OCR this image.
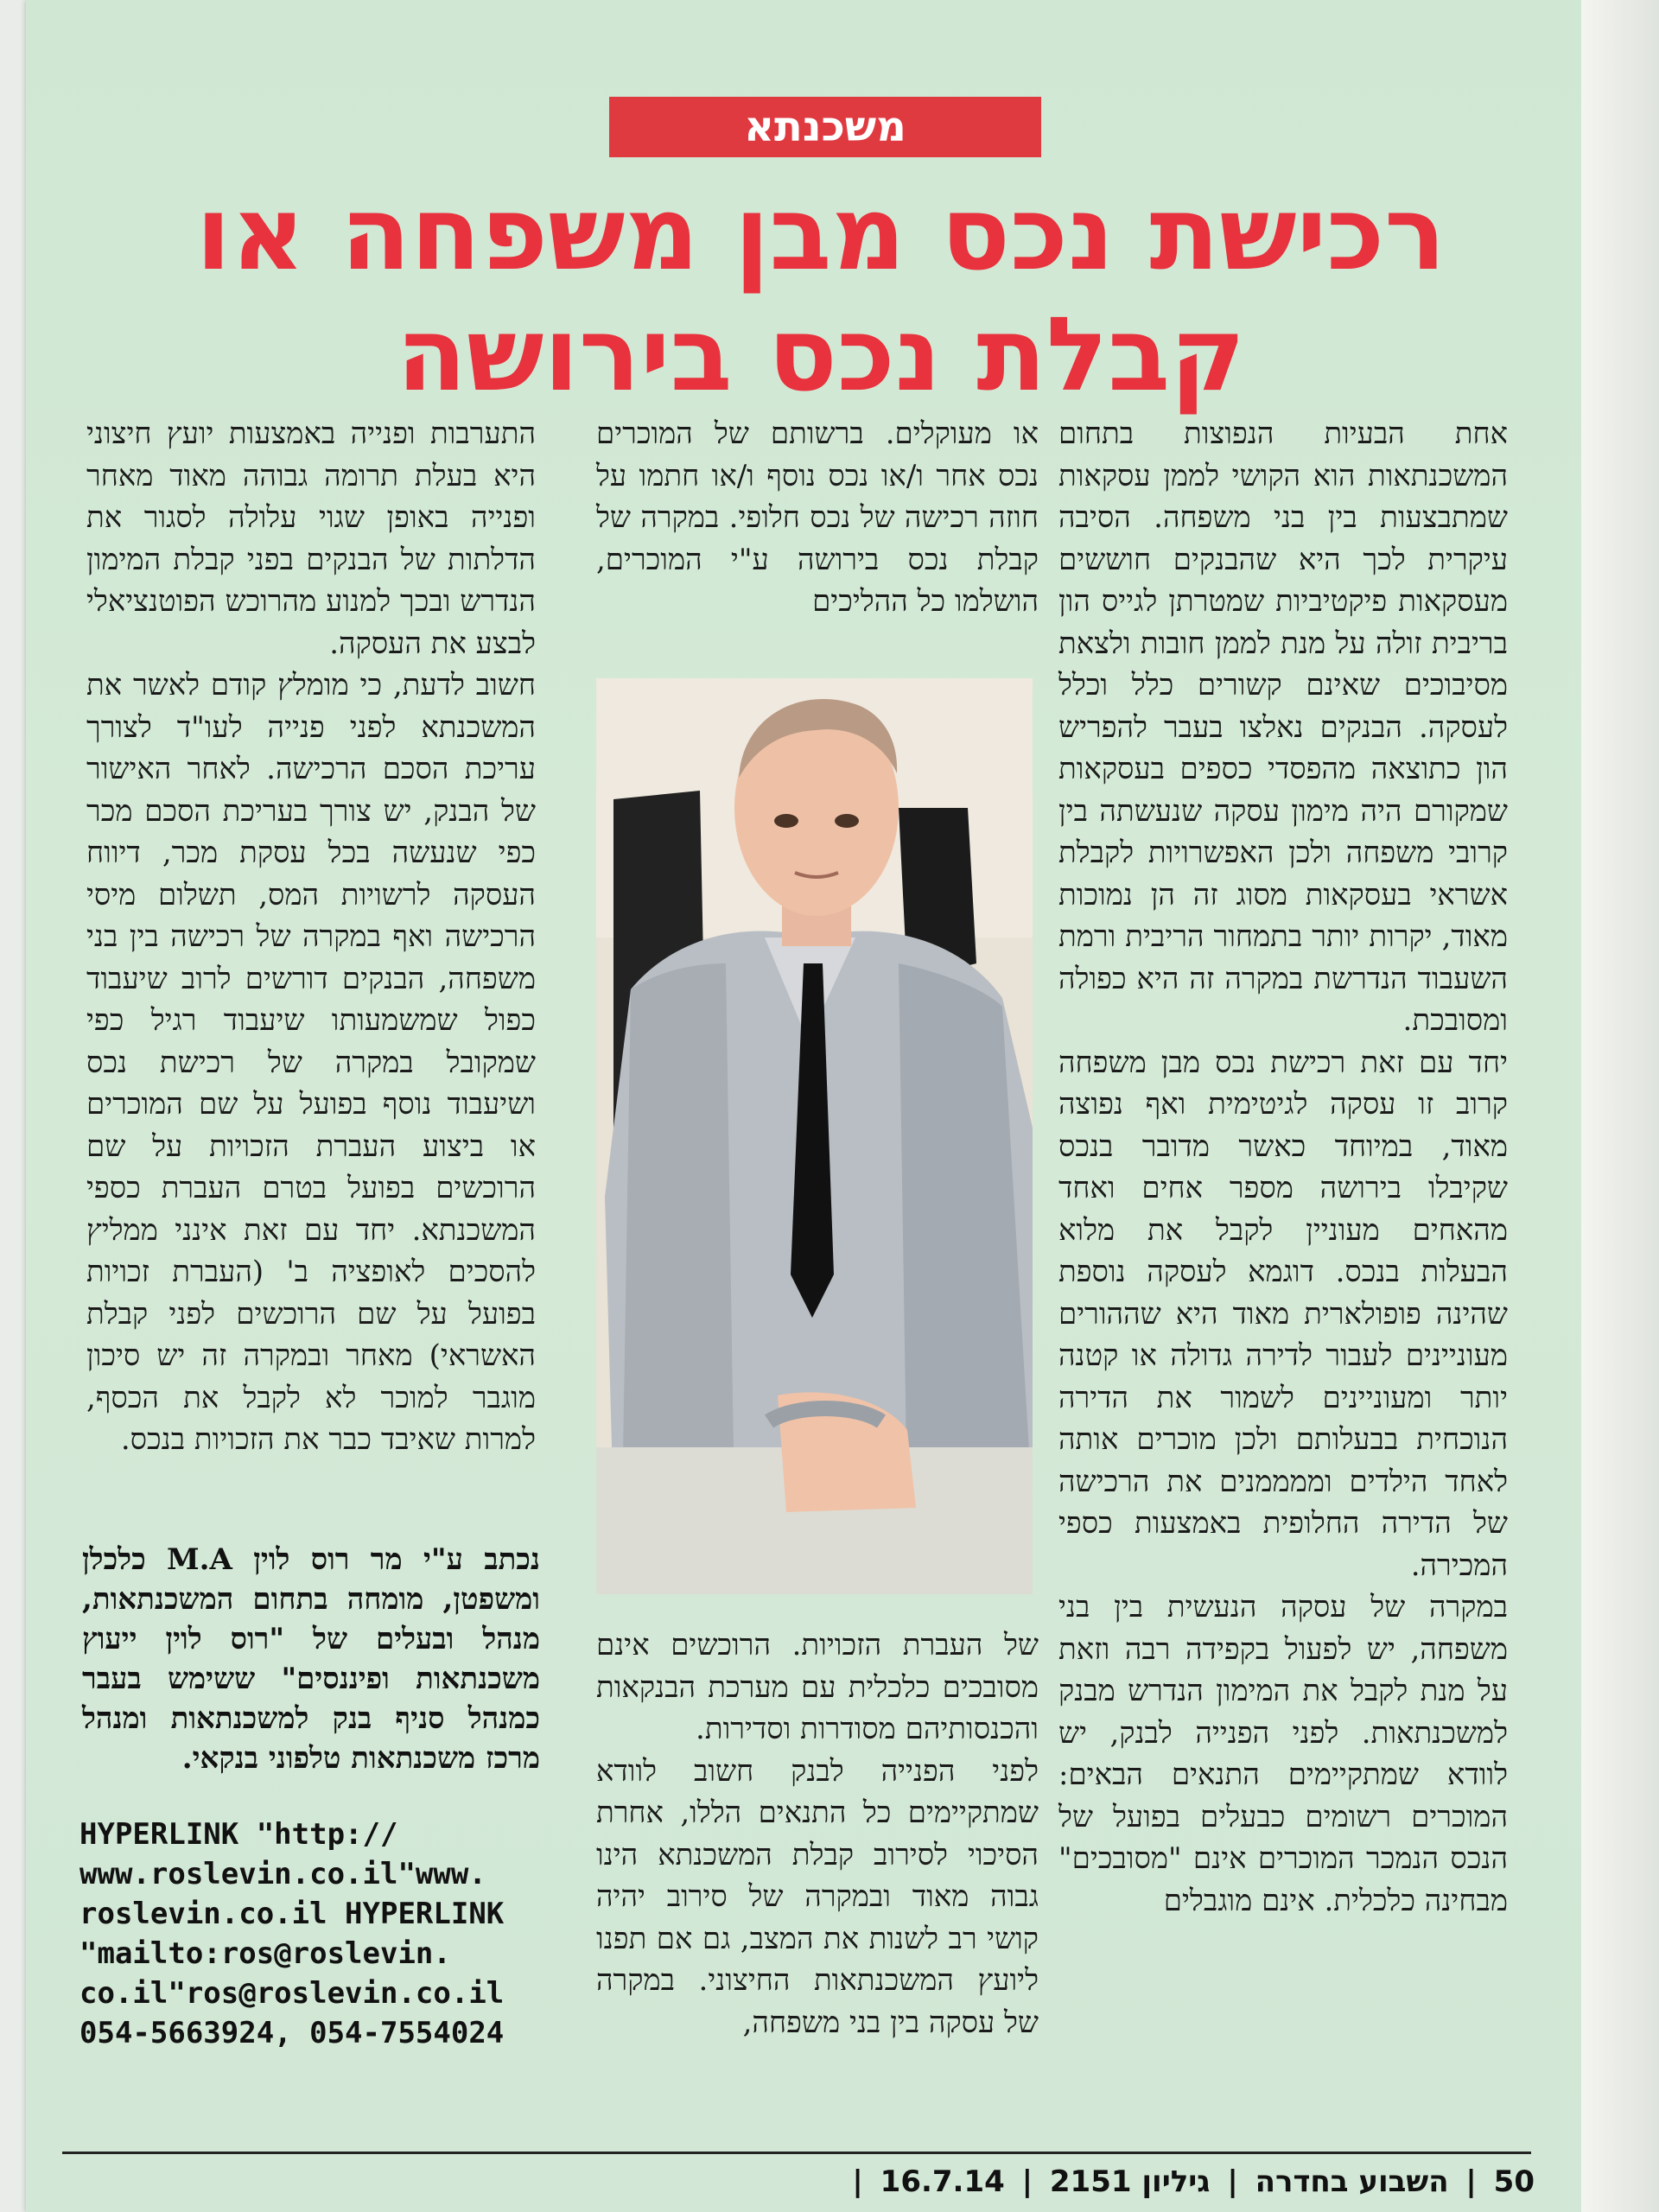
משכנתא
רכישת נכס מבן משפחה או
קבלת נכס בירושה

אחת הבעיות הנפוצות בתחום המשכנתאות הוא הקושי לממן עסקאות שמתבצעות בין בני משפחה. הסיבה עיקרית לכך היא שהבנקים חוששים מעסקאות פיקטיביות שמטרתן לגייס הון בריבית זולה על מנת לממן חובות ולצאת מסיבוכים שאינם קשורים כלל וכלל לעסקה. הבנקים נאלצו בעבר להפריש הון כתוצאה מהפסדי כספים בעסקאות שמקורם היה מימון עסקה שנעשתה בין קרובי משפחה ולכן האפשרויות לקבלת אשראי בעסקאות מסוג זה הן נמוכות מאוד, יקרות יותר בתמחור הריבית ורמת השעבוד הנדרשת במקרה זה היא כפולה ומסובכת.

יחד עם זאת רכישת נכס מבן משפחה קרוב זו עסקה לגיטימית ואף נפוצה מאוד, במיוחד כאשר מדובר בנכס שקיבלו בירושה מספר אחים ואחד מהאחים מעוניין לקבל את מלוא הבעלות בנכס. דוגמא לעסקה נוספת שהינה פופולארית מאוד היא שההורים מעוניינים לעבור לדירה גדולה או קטנה יותר ומעוניינים לשמור את הדירה הנוכחית בבעלותם ולכן מוכרים אותה לאחד הילדים וממממנים את הרכישה של הדירה החלופית באמצעות כספי המכירה.

במקרה של עסקה הנעשית בין בני משפחה, יש לפעול בקפידה רבה וזאת על מנת לקבל את המימון הנדרש מבנק למשכנתאות. לפני הפנייה לבנק, יש לוודא שמתקיימים התנאים הבאים: המוכרים רשומים כבעלים בפועל של הנכס הנמכר המוכרים אינם "מסובכים" מבחינה כלכלית. אינם מוגבלים

או מעוקלים. ברשותם של המוכרים נכס אחר ו/או נכס נוסף ו/או חתמו על חוזה רכישה של נכס חלופי. במקרה של קבלת נכס בירושה ע"י המוכרים, הושלמו כל ההליכים

של העברת הזכויות. הרוכשים אינם מסובכים כלכלית עם מערכת הבנקאות והכנסותיהם מסודרות וסדירות.

לפני הפנייה לבנק חשוב לוודא שמתקיימים כל התנאים הללו, אחרת הסיכוי לסירוב קבלת המשכנתא הינו גבוה מאוד ובמקרה של סירוב יהיה קושי רב לשנות את המצב, גם אם תפנו ליועץ המשכנתאות החיצוני. במקרה של עסקה בין בני משפחה,

התערבות ופנייה באמצעות יועץ חיצוני היא בעלת תרומה גבוהה מאוד מאחר ופנייה באופן שגוי עלולה לסגור את הדלתות של הבנקים בפני קבלת המימון הנדרש ובכך למנוע מהרוכש הפוטנציאלי לבצע את העסקה.

חשוב לדעת, כי מומלץ קודם לאשר את המשכנתא לפני פנייה לעו"ד לצורך עריכת הסכם הרכישה. לאחר האישור של הבנק, יש צורך בעריכת הסכם מכר כפי שנעשה בכל עסקת מכר, דיווח העסקה לרשויות המס, תשלום מיסי הרכישה ואף במקרה של רכישה בין בני משפחה, הבנקים דורשים לרוב שיעבוד כפול שמשמעותו שיעבוד רגיל כפי שמקובל במקרה של רכישת נכס ושיעבוד נוסף בפועל על שם המוכרים או ביצוע העברת הזכויות על שם הרוכשים בפועל בטרם העברת כספי המשכנתא. יחד עם זאת אינני ממליץ להסכים לאופציה ב' (העברת זכויות בפועל על שם הרוכשים לפני קבלת האשראי) מאחר ובמקרה זה יש סיכון מוגבר למוכר לא לקבל את הכסף, למרות שאיבד כבר את הזכויות בנכס.

נכתב ע"י מר רוס לוין M.A כלכלן ומשפטן, מומחה בתחום המשכנתאות, מנהל ובעלים של "רוס לוין ייעוץ משכנתאות ופיננסים" ששימש בעבר כמנהל סניף בנק למשכנתאות ומנהל מרכז משכנתאות טלפוני בנקאי.
HYPERLINK "http://
www.roslevin.co.il"www.
roslevin.co.il HYPERLINK
"mailto:ros@roslevin.
co.il"ros@roslevin.co.il
054-5663924, 054-7554024
50 | השבוע בחדרה | גיליון 2151 | 16.7.14 |
